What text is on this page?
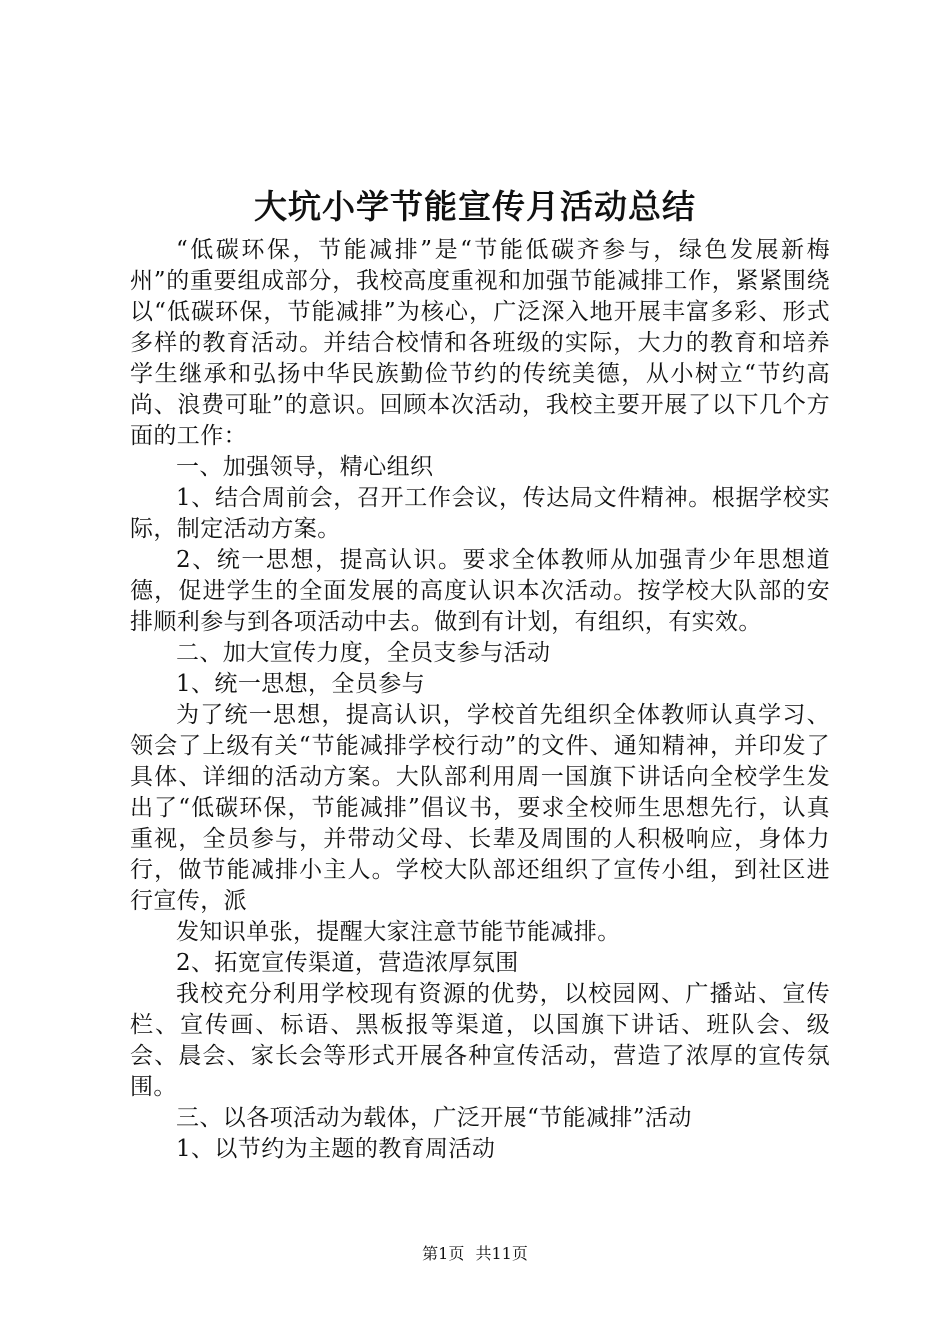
大坑小学节能宣传月活动总结

“低碳环保，节能减排”是“节能低碳齐参与，绿色发展新梅州”的重要组成部分，我校高度重视和加强节能减排工作，紧紧围绕以“低碳环保，节能减排”为核心，广泛深入地开展丰富多彩、形式多样的教育活动。并结合校情和各班级的实际，大力的教育和培养学生继承和弘扬中华民族勤俭节约的传统美德，从小树立“节约高尚、浪费可耻”的意识。回顾本次活动，我校主要开展了以下几个方面的工作：

一、加强领导，精心组织

1、结合周前会，召开工作会议，传达局文件精神。根据学校实际，制定活动方案。

2、统一思想，提高认识。要求全体教师从加强青少年思想道德，促进学生的全面发展的高度认识本次活动。按学校大队部的安排顺利参与到各项活动中去。做到有计划，有组织，有实效。

二、加大宣传力度，全员支参与活动

1、统一思想，全员参与

为了统一思想，提高认识，学校首先组织全体教师认真学习、领会了上级有关“节能减排学校行动”的文件、通知精神，并印发了具体、详细的活动方案。大队部利用周一国旗下讲话向全校学生发出了“低碳环保，节能减排”倡议书，要求全校师生思想先行，认真重视，全员参与，并带动父母、长辈及周围的人积极响应，身体力行，做节能减排小主人。学校大队部还组织了宣传小组，到社区进行宣传，派

发知识单张，提醒大家注意节能节能减排。

2、拓宽宣传渠道，营造浓厚氛围

我校充分利用学校现有资源的优势，以校园网、广播站、宣传栏、宣传画、标语、黑板报等渠道，以国旗下讲话、班队会、级会、晨会、家长会等形式开展各种宣传活动，营造了浓厚的宣传氛围。

三、以各项活动为载体，广泛开展“节能减排”活动

1、以节约为主题的教育周活动

第1页 共11页
